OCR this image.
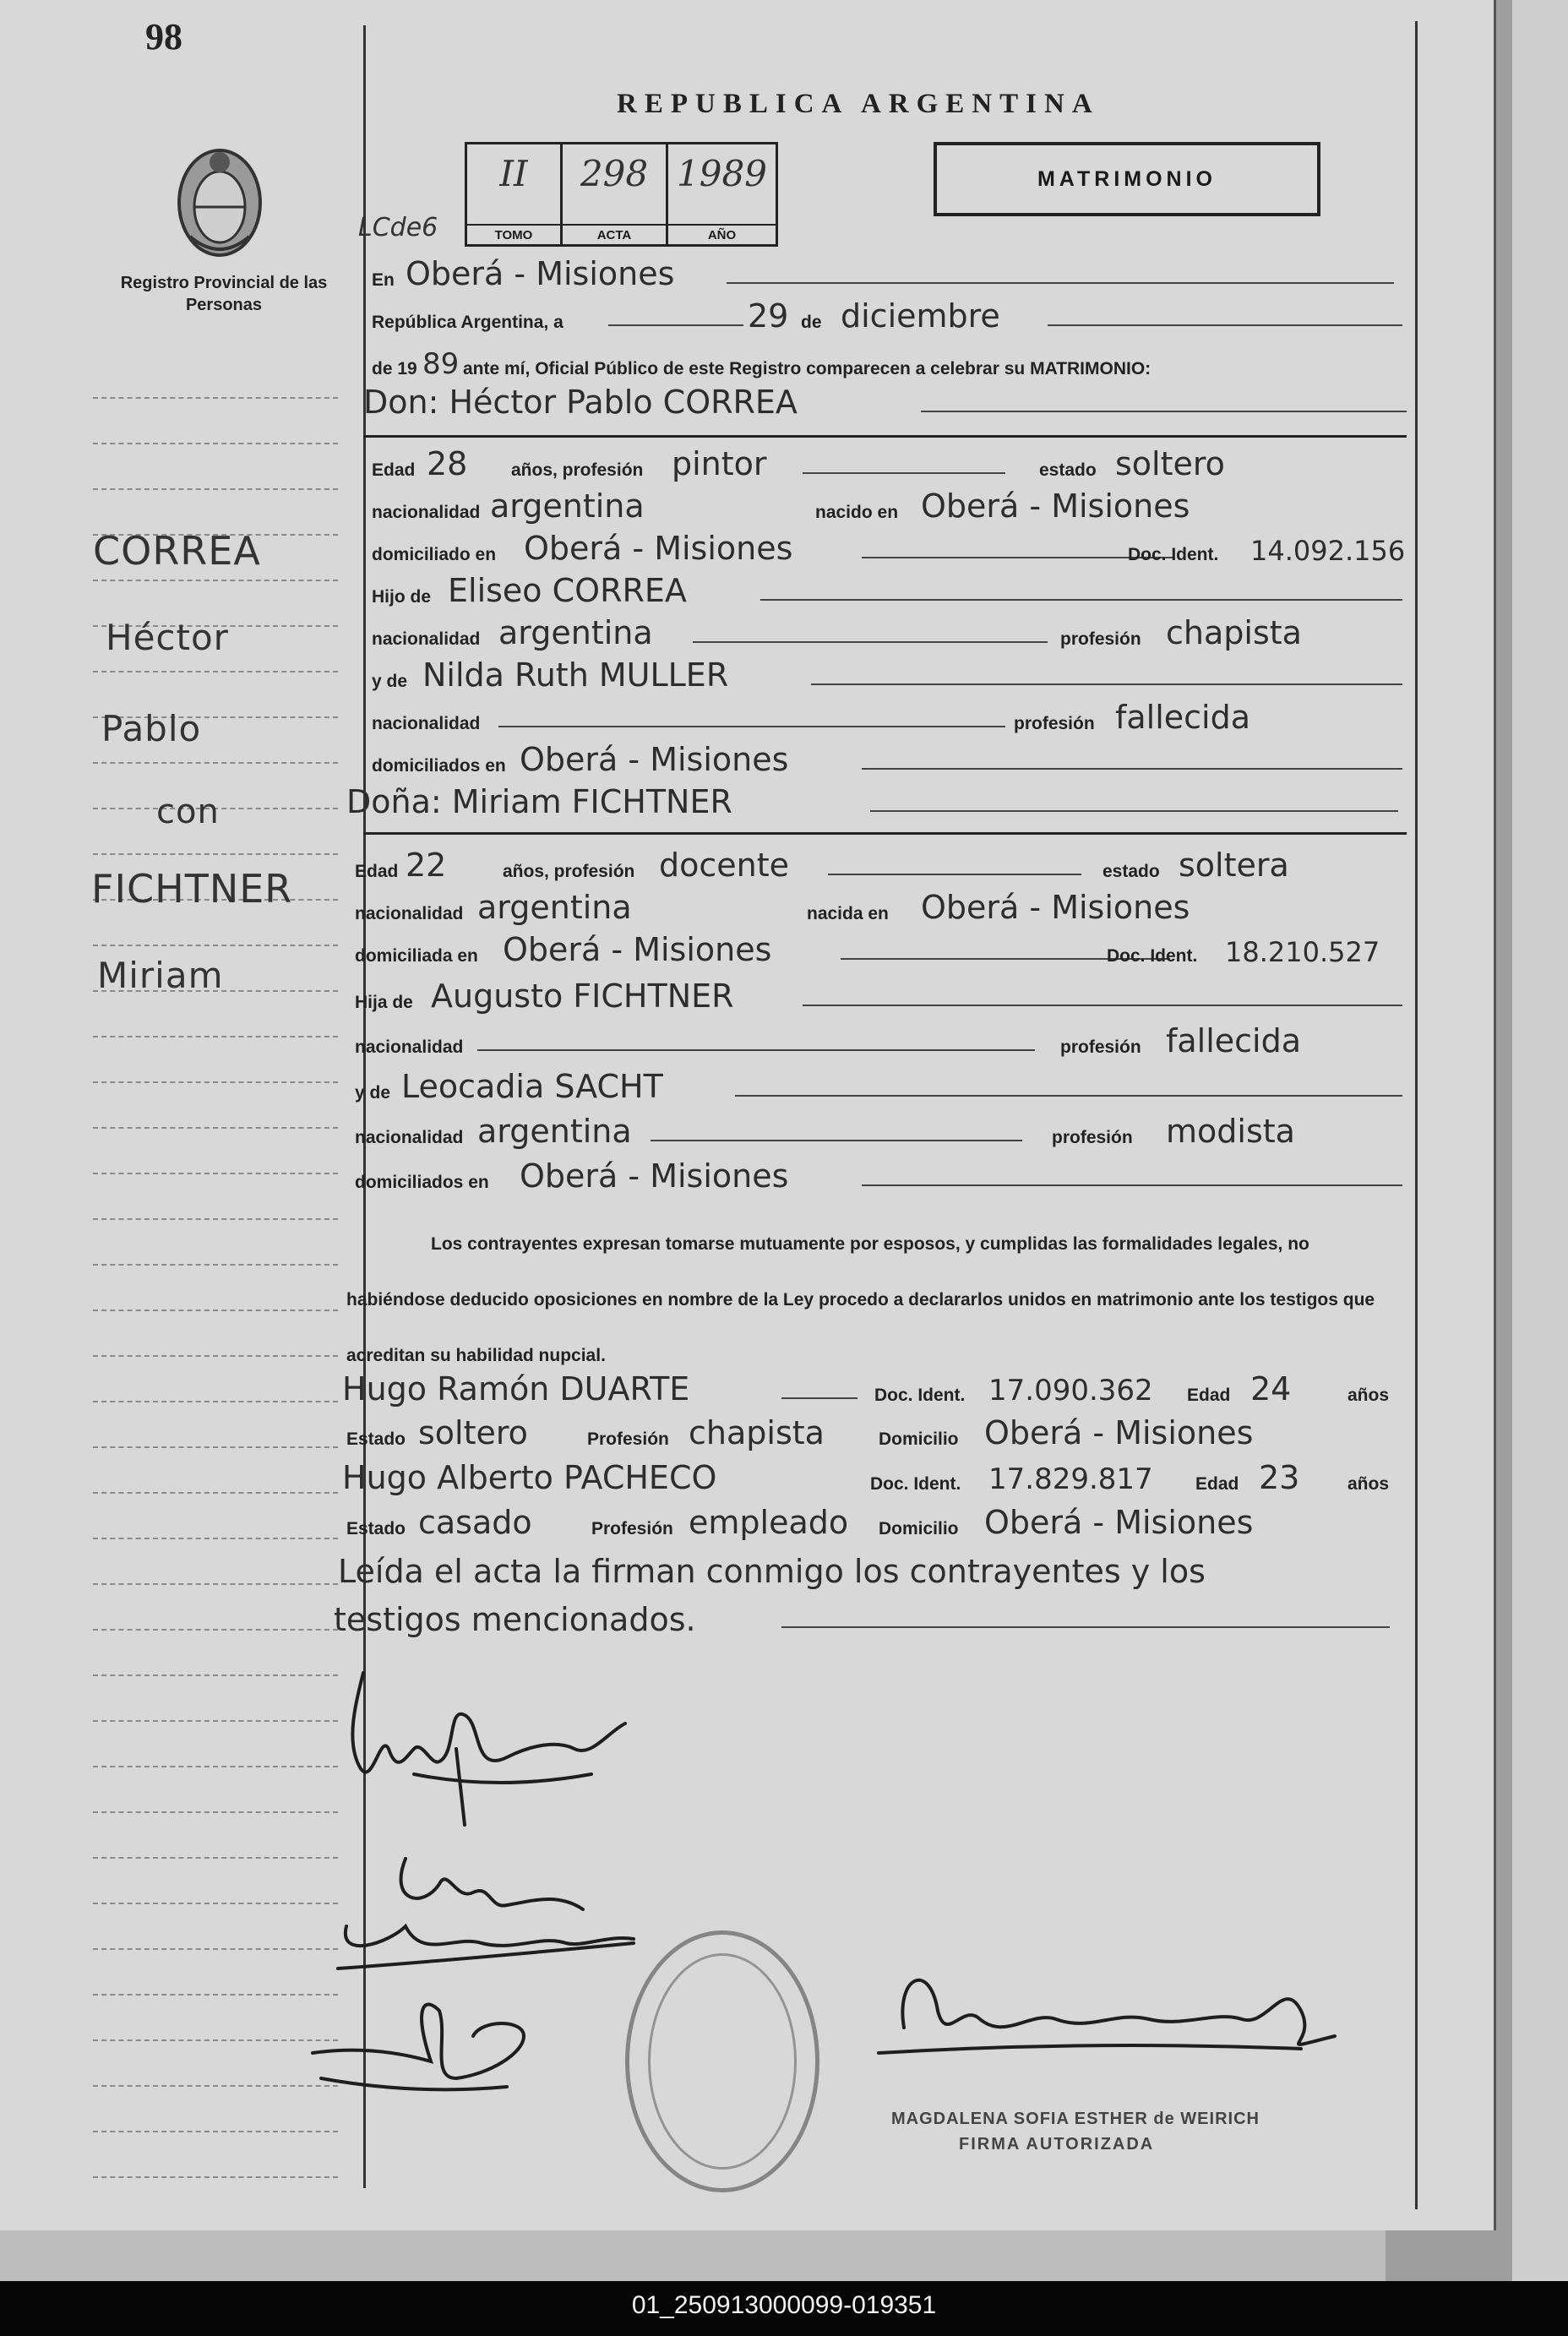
98
CORREA
Héctor
Pablo
con
FICHTNER
Miriam
Registro Provincial de las Personas
REPUBLICA ARGENTINA
II
TOMO
298
ACTA
1989
AÑO
LCde6
MATRIMONIO
En Oberá - Misiones
República Argentina, a	29 de diciembre
de 19 89 ante mí, Oficial Público de este Registro comparecen a celebrar su MATRIMONIO:
Don: Héctor Pablo CORREA
Edad 28 años, profesión pintor	estado soltero
nacionalidad argentina	nacido en Oberá - Misiones
domiciliado en Oberá - Misiones	Doc. Ident. 14.092.156
Hijo de Eliseo CORREA
nacionalidad argentina	profesión chapista
y de Nilda Ruth MULLER
nacionalidad	profesión fallecida
domiciliados en Oberá - Misiones
Doña: Miriam FICHTNER
Edad 22	años, profesión docente	estado soltera
nacionalidad argentina	nacida en Oberá - Misiones
domiciliada en Oberá - Misiones	Doc. Ident. 18.210.527
Hija de Augusto FICHTNER
nacionalidad	profesión fallecida
y de Leocadia SACHT
nacionalidad argentina	profesión modista
domiciliados en Oberá - Misiones
Los contrayentes expresan tomarse mutuamente por esposos, y cumplidas las formalidades legales, no habiéndose deducido oposiciones en nombre de la Ley procedo a declararlos unidos en matrimonio ante los testigos que acreditan su habilidad nupcial.
Hugo Ramón DUARTE	Doc. Ident. 17.090.362 Edad 24	años
Estado soltero	Profesión chapista	Domicilio Oberá - Misiones
Hugo Alberto PACHECO	Doc. Ident. 17.829.817 Edad 23	años
Estado casado	Profesión empleado Domicilio Oberá - Misiones
Leída el acta la firman conmigo los contrayentes y los
testigos mencionados.
MAGDALENA SOFIA ESTHER de WEIRICH
FIRMA AUTORIZADA
01_250913000099-019351
